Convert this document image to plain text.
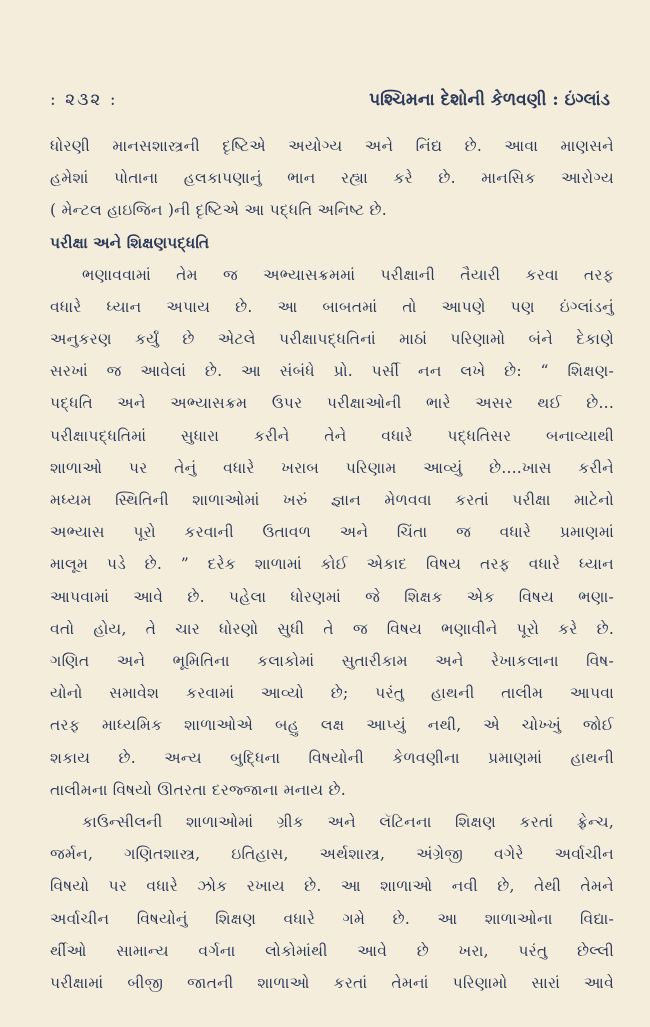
: ૨૩૨ :	પશ્ચિમના દેશોની કેળવણી : ઇંગ્લાંડ
ધોરણી માનસશાસ્ત્રની દૃષ્ટિએ અયોગ્ય અને નિંદ્ય છે. આવા માણસને
હમેશાં પોતાના હલકાપણાનું ભાન રહ્યા કરે છે. માનસિક આરોગ્ય
( મેન્ટલ હાઇજિન )ની દૃષ્ટિએ આ પદ્ધતિ અનિષ્ટ છે.
પરીક્ષા અને શિક્ષણપદ્ધતિ
ભણાવવામાં તેમ જ અભ્યાસક્રમમાં પરીક્ષાની તૈયારી કરવા તરફ
વધારે ધ્યાન અપાય છે. આ બાબતમાં તો આપણે પણ ઇંગ્લાંડનું
અનુકરણ કર્યું છે એટલે પરીક્ષાપદ્ધતિનાં માઠાં પરિણામો બંને દેકાણે
સરખાં જ આવેલાં છે. આ સંબંધે પ્રો. પર્સી નન લખે છે: “ શિક્ષણ-
પદ્ધતિ અને અભ્યાસક્રમ ઉપર પરીક્ષાઓની ભારે અસર થઈ છે...
પરીક્ષાપદ્ધતિમાં સુધારા કરીને તેને વધારે પદ્ધતિસર બનાવ્યાથી
શાળાઓ પર તેનું વધારે ખરાબ પરિણામ આવ્યું છે....ખાસ કરીને
મધ્યમ સ્થિતિની શાળાઓમાં ખરું જ્ઞાન મેળવવા કરતાં પરીક્ષા માટેનો
અભ્યાસ પૂરો કરવાની ઉતાવળ અને ચિંતા જ વધારે પ્રમાણમાં
માલૂમ પડે છે. ” દરેક શાળામાં કોઈ એકાદ વિષય તરફ વધારે ધ્યાન
આપવામાં આવે છે. પહેલા ધોરણમાં જે શિક્ષક એક વિષય ભણા-
વતો હોય, તે ચાર ધોરણો સુધી તે જ વિષય ભણાવીને પૂરો કરે છે.
ગણિત અને ભૂમિતિના કલાકોમાં સુતારીકામ અને રેખાકલાના વિષ-
યોનો સમાવેશ કરવામાં આવ્યો છે; પરંતુ હાથની તાલીમ આપવા
તરફ માધ્યમિક શાળાઓએ બહુ લક્ષ આપ્યું નથી, એ ચોખ્ખું જોઈ
શકાય છે. અન્ય બુદ્ધિના વિષયોની કેળવણીના પ્રમાણમાં હાથની
તાલીમના વિષયો ઊતરતા દરજ્જાના મનાય છે.
કાઉન્સીલની શાળાઓમાં ગ્રીક અને લૅટિનના શિક્ષણ કરતાં ફ્રેન્ચ,
જર્મન, ગણિતશાસ્ત્ર, ઇતિહાસ, અર્થશાસ્ત્ર, અંગ્રેજી વગેરે અર્વાચીન
વિષયો પર વધારે ઝોક રખાય છે. આ શાળાઓ નવી છે, તેથી તેમને
અર્વાચીન વિષયોનું શિક્ષણ વધારે ગમે છે. આ શાળાઓના વિદ્યા-
ર્થીઓ સામાન્ય વર્ગના લોકોમાંથી આવે છે ખરા, પરંતુ છેલ્લી
પરીક્ષામાં બીજી જાતની શાળાઓ કરતાં તેમનાં પરિણામો સારાં આવે
